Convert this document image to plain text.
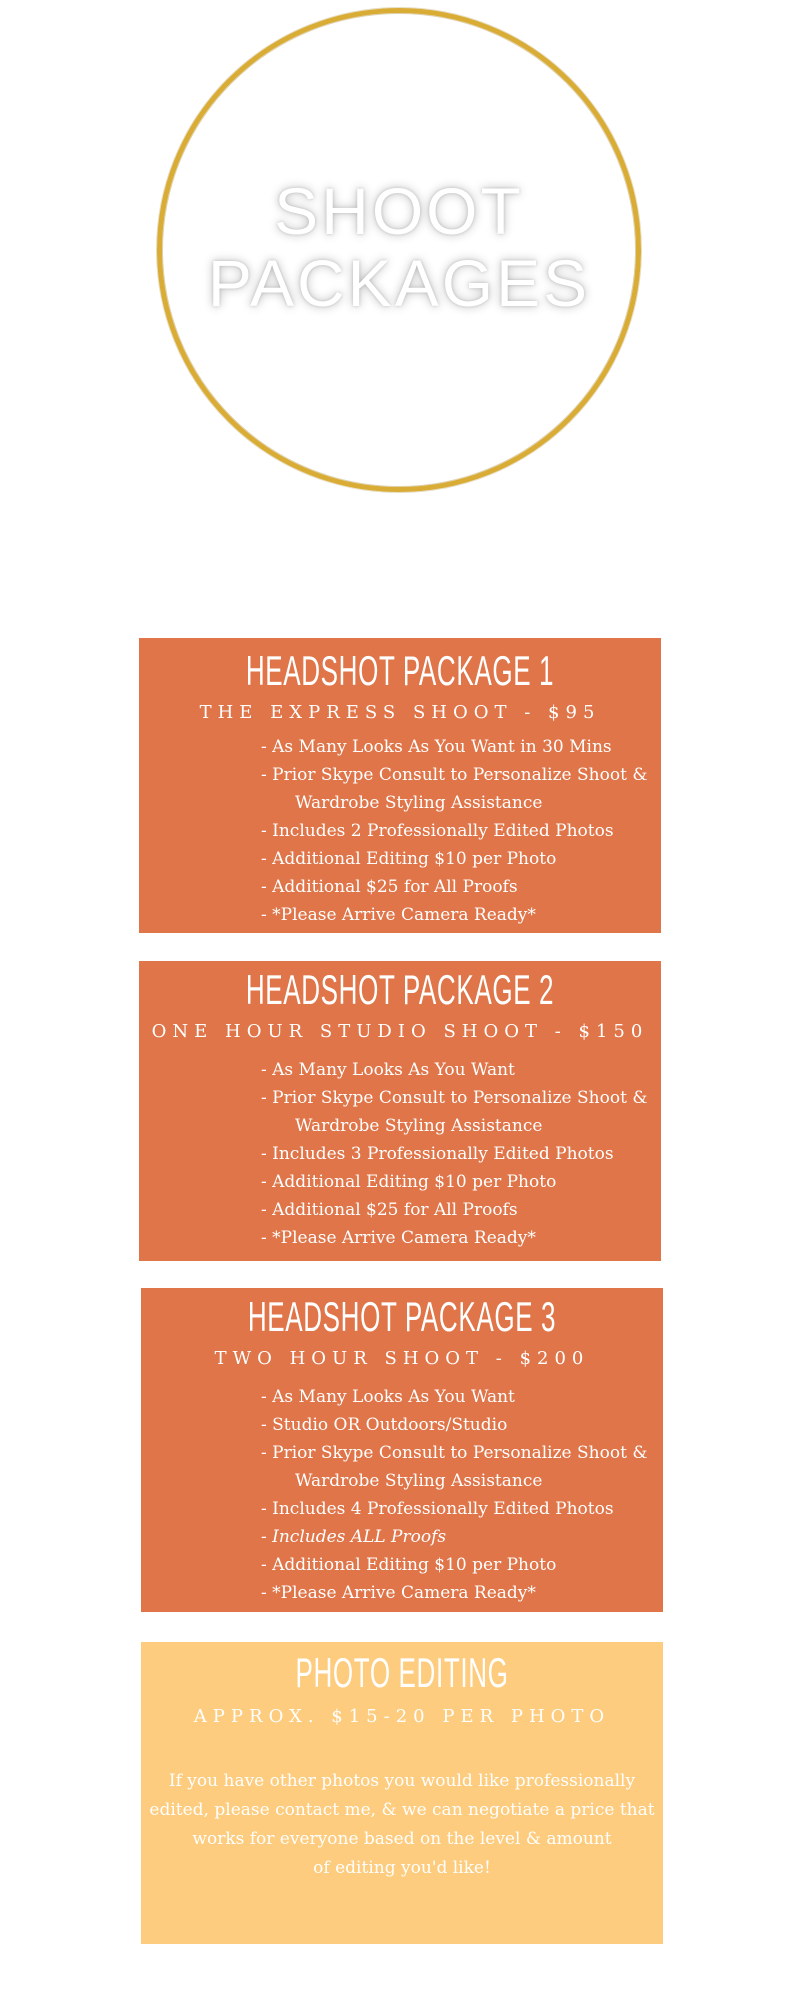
SHOOT
PACKAGES
HEADSHOT PACKAGE 1
THE EXPRESS SHOOT - $95
- As Many Looks As You Want in 30 Mins
- Prior Skype Consult to Personalize Shoot &
Wardrobe Styling Assistance
- Includes 2 Professionally Edited Photos
- Additional Editing $10 per Photo
- Additional $25 for All Proofs
- *Please Arrive Camera Ready*
HEADSHOT PACKAGE 2
ONE HOUR STUDIO SHOOT - $150
- As Many Looks As You Want
- Prior Skype Consult to Personalize Shoot &
Wardrobe Styling Assistance
- Includes 3 Professionally Edited Photos
- Additional Editing $10 per Photo
- Additional $25 for All Proofs
- *Please Arrive Camera Ready*
HEADSHOT PACKAGE 3
TWO HOUR SHOOT - $200
- As Many Looks As You Want
- Studio OR Outdoors/Studio
- Prior Skype Consult to Personalize Shoot &
Wardrobe Styling Assistance
- Includes 4 Professionally Edited Photos
- Includes ALL Proofs
- Additional Editing $10 per Photo
- *Please Arrive Camera Ready*
PHOTO EDITING
APPROX. $15-20 PER PHOTO

If you have other photos you would like professionally
edited, please contact me, & we can negotiate a price that
works for everyone based on the level & amount
of editing you'd like!
